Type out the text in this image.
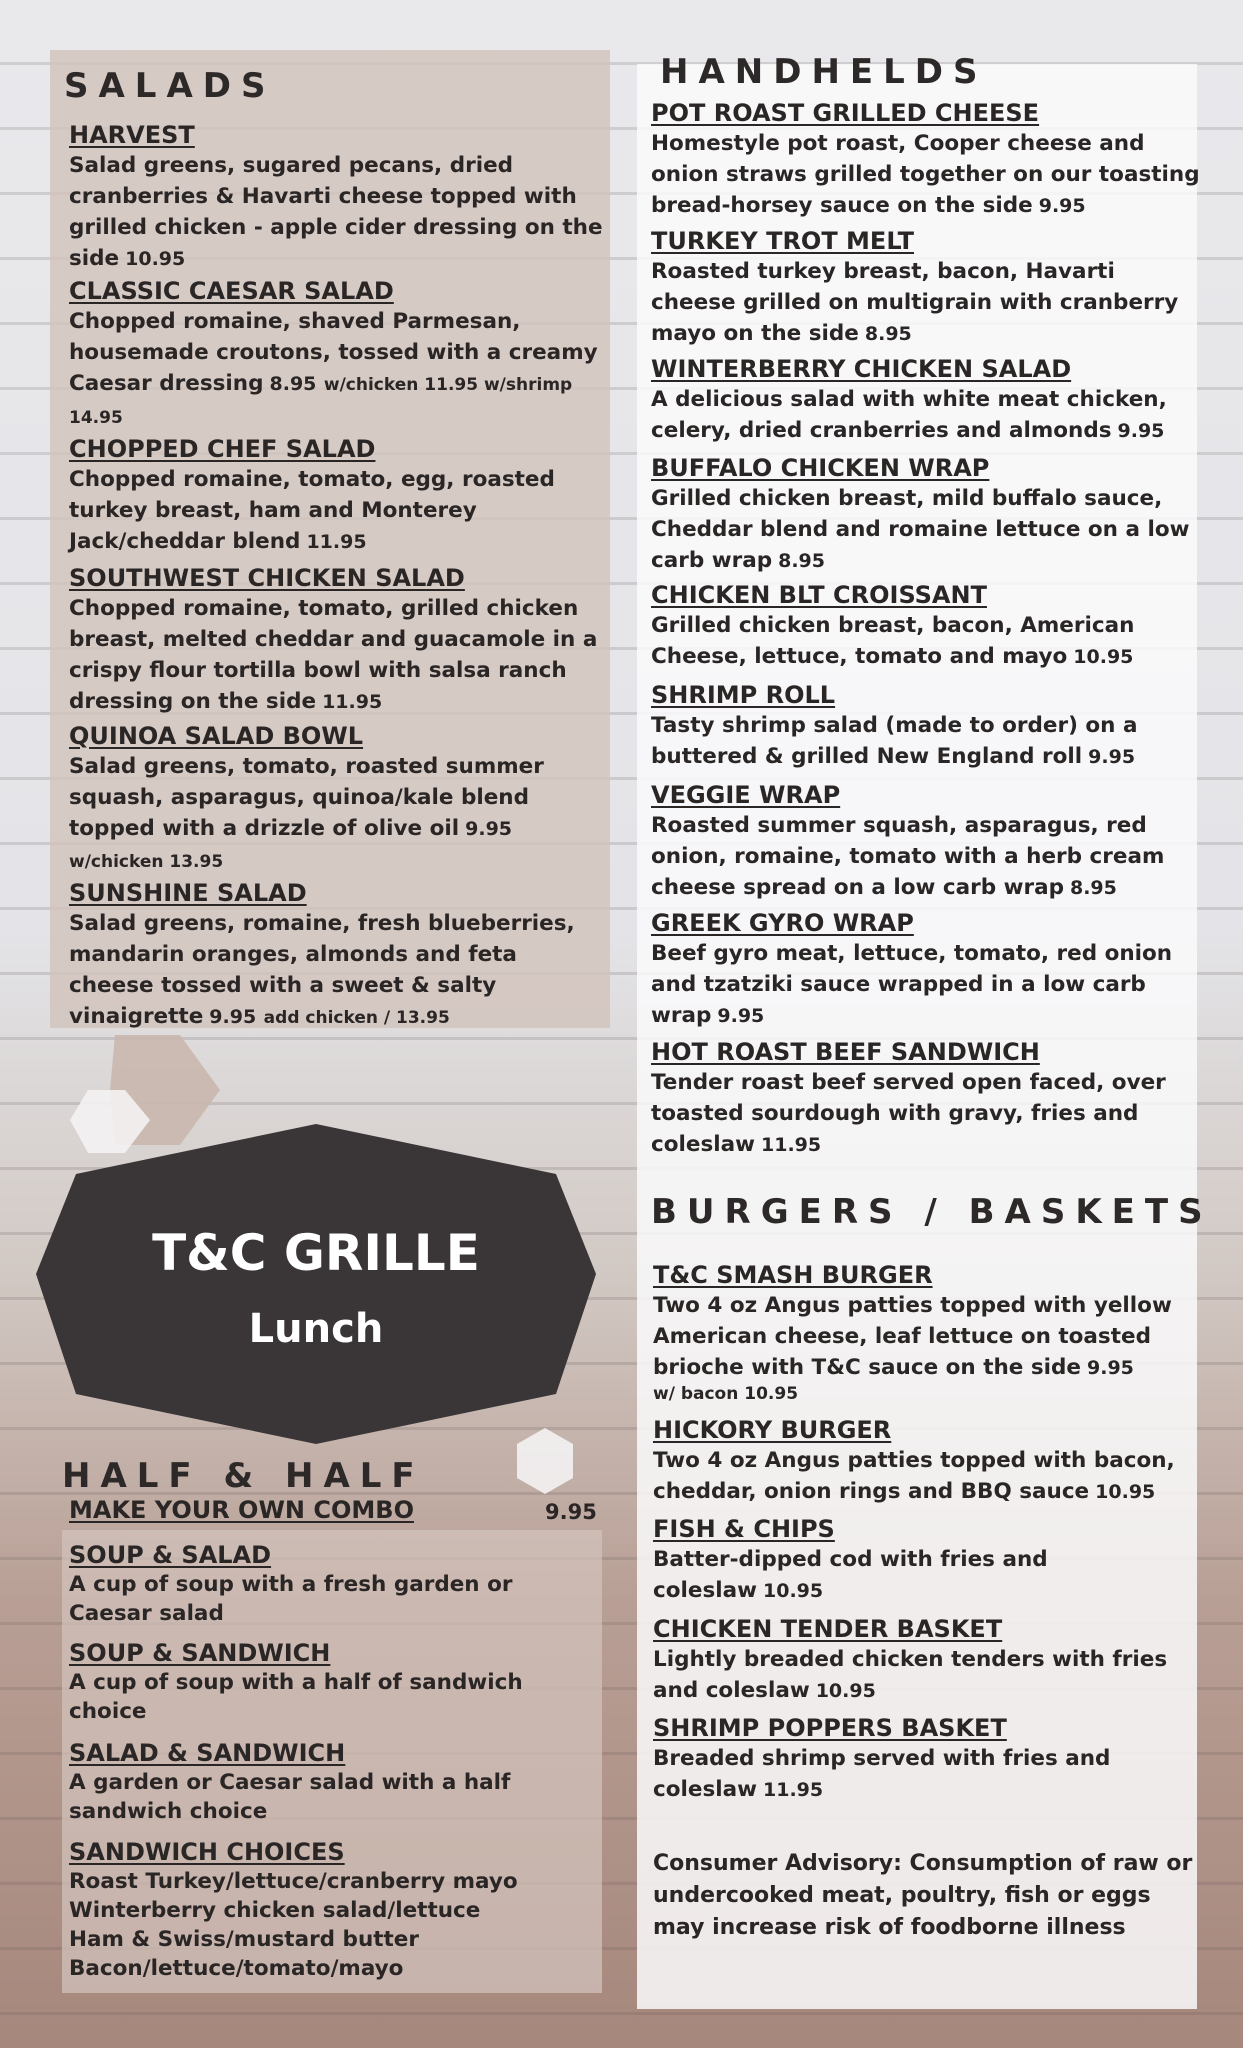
T&C GRILLE
Lunch
SALADS
HARVEST
Salad greens, sugared pecans, dried cranberries & Havarti cheese topped with grilled chicken - apple cider dressing on the side 10.95
CLASSIC CAESAR SALAD
Chopped romaine, shaved Parmesan, housemade croutons, tossed with a creamy Caesar dressing 8.95 w/chicken 11.95 w/shrimp 14.95
CHOPPED CHEF SALAD
Chopped romaine, tomato, egg, roasted turkey breast, ham and Monterey Jack/cheddar blend 11.95
SOUTHWEST CHICKEN SALAD
Chopped romaine, tomato, grilled chicken breast, melted cheddar and guacamole in a crispy flour tortilla bowl with salsa ranch dressing on the side 11.95
QUINOA SALAD BOWL
Salad greens, tomato, roasted summer squash, asparagus, quinoa/kale blend topped with a drizzle of olive oil 9.95 w/chicken 13.95
SUNSHINE SALAD
Salad greens, romaine, fresh blueberries, mandarin oranges, almonds and feta cheese tossed with a sweet & salty vinaigrette 9.95 add chicken / 13.95
HANDHELDS
POT ROAST GRILLED CHEESE
Homestyle pot roast, Cooper cheese and onion straws grilled together on our toasting bread-horsey sauce on the side 9.95
TURKEY TROT MELT
Roasted turkey breast, bacon, Havarti cheese grilled on multigrain with cranberry mayo on the side 8.95
WINTERBERRY CHICKEN SALAD
A delicious salad with white meat chicken, celery, dried cranberries and almonds 9.95
BUFFALO CHICKEN WRAP
Grilled chicken breast, mild buffalo sauce, Cheddar blend and romaine lettuce on a low carb wrap 8.95
CHICKEN BLT CROISSANT
Grilled chicken breast, bacon, American Cheese, lettuce, tomato and mayo 10.95
SHRIMP ROLL
Tasty shrimp salad (made to order) on a buttered & grilled New England roll 9.95
VEGGIE WRAP
Roasted summer squash, asparagus, red onion, romaine, tomato with a herb cream cheese spread on a low carb wrap 8.95
GREEK GYRO WRAP
Beef gyro meat, lettuce, tomato, red onion and tzatziki sauce wrapped in a low carb wrap 9.95
HOT ROAST BEEF SANDWICH
Tender roast beef served open faced, over toasted sourdough with gravy, fries and coleslaw 11.95
BURGERS / BASKETS
T&C SMASH BURGER
Two 4 oz Angus patties topped with yellow American cheese, leaf lettuce on toasted brioche with T&C sauce on the side 9.95
w/ bacon 10.95
HICKORY BURGER
Two 4 oz Angus patties topped with bacon, cheddar, onion rings and BBQ sauce 10.95
FISH & CHIPS
Batter-dipped cod with fries and coleslaw 10.95
CHICKEN TENDER BASKET
Lightly breaded chicken tenders with fries and coleslaw 10.95
SHRIMP POPPERS BASKET
Breaded shrimp served with fries and coleslaw 11.95
Consumer Advisory: Consumption of raw or undercooked meat, poultry, fish or eggs may increase risk of foodborne illness
HALF & HALF
MAKE YOUR OWN COMBO	9.95
SOUP & SALAD
A cup of soup with a fresh garden or Caesar salad
SOUP & SANDWICH
A cup of soup with a half of sandwich choice
SALAD & SANDWICH
A garden or Caesar salad with a half sandwich choice
SANDWICH CHOICES
Roast Turkey/lettuce/cranberry mayo
Winterberry chicken salad/lettuce
Ham & Swiss/mustard butter
Bacon/lettuce/tomato/mayo
